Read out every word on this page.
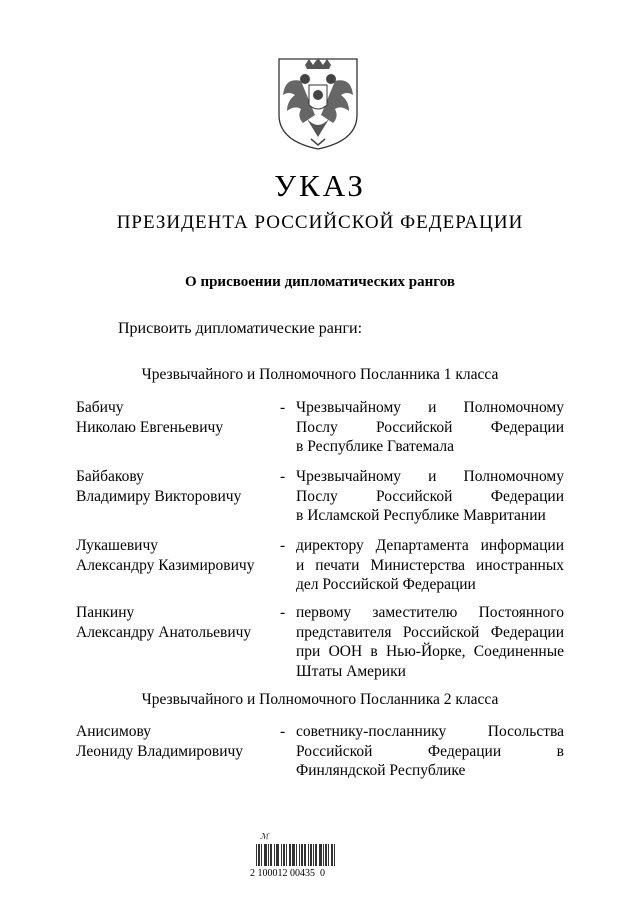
УКАЗ
ПРЕЗИДЕНТА РОССИЙСКОЙ ФЕДЕРАЦИИ
О присвоении дипломатических рангов
Присвоить дипломатические ранги:
Чрезвычайного и Полномочного Посланника 1 класса
Бабичу
Николаю Евгеньевичу
- Чрезвычайному и Полномочному
Послу Российской Федерации
в Республике Гватемала
Байбакову
Владимиру Викторовичу
- Чрезвычайному и Полномочному
Послу Российской Федерации
в Исламской Республике Мавритании
Лукашевичу
Александру Казимировичу
- директору Департамента информации
и печати Министерства иностранных
дел Российской Федерации
Панкину
Александру Анатольевичу
- первому заместителю Постоянного
представителя Российской Федерации
при ООН в Нью-Йорке, Соединенные
Штаты Америки
Чрезвычайного и Полномочного Посланника 2 класса
Анисимову
Леониду Владимировичу
- советнику-посланнику Посольства
Российской Федерации в
Финляндской Республике
ℳ
2 100012 00435  0
